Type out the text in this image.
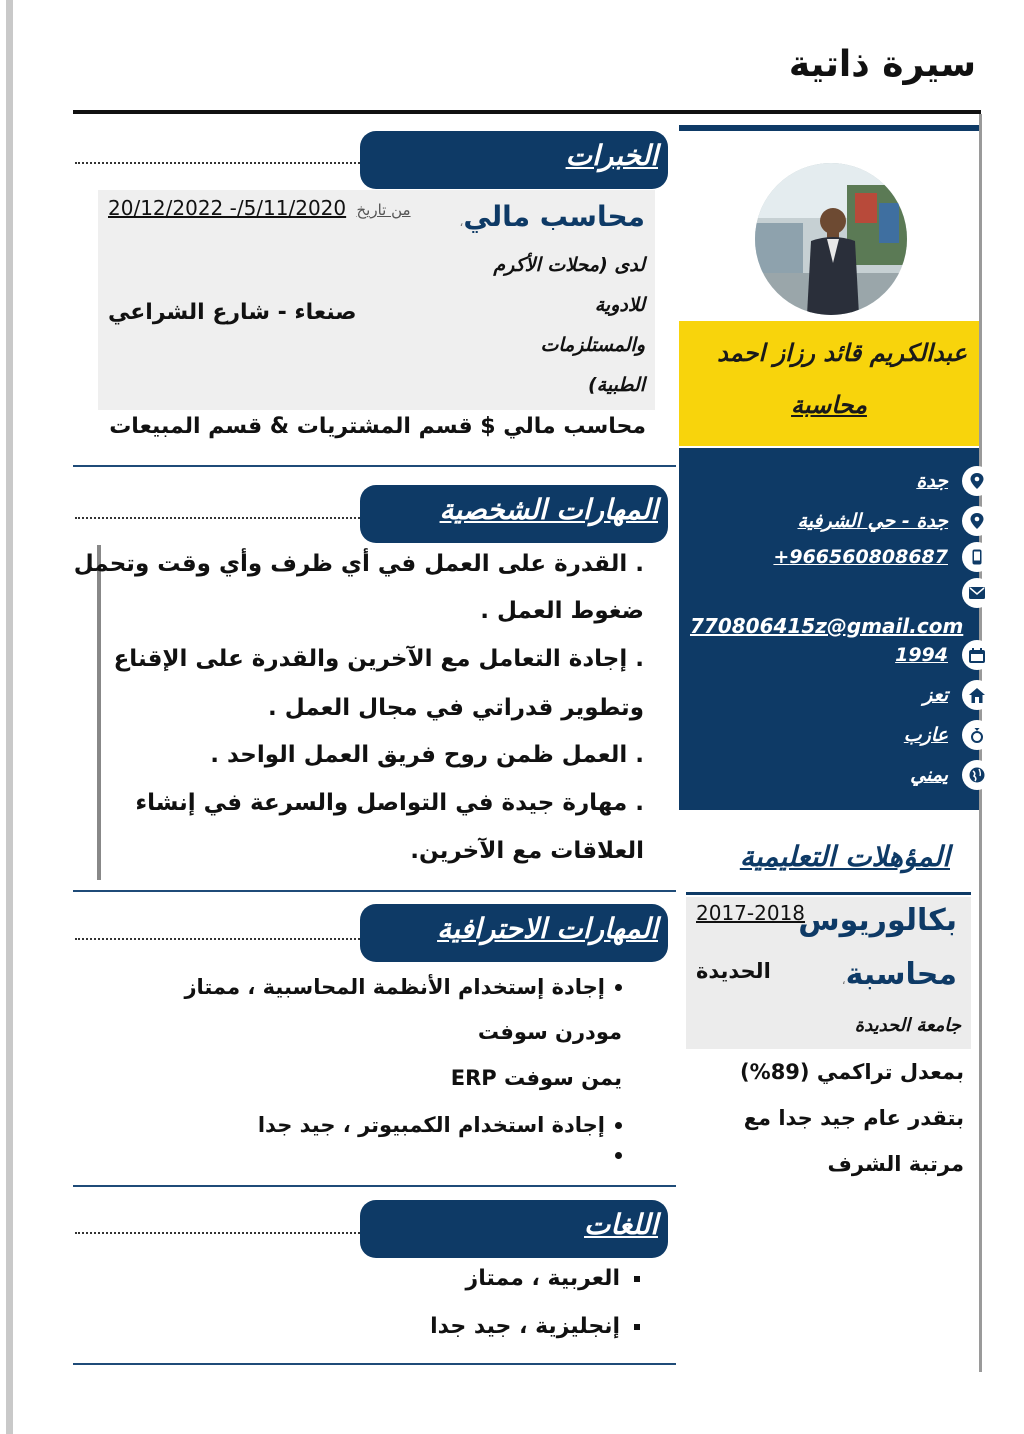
سيرة ذاتية
عبدالكريم قائد رزاز احمد
محاسبة
جدة
جدة - حي الشرفية
966560808687+
770806415z@gmail.com
1994
تعز
عازب
يمني
المؤهلات التعليمية
بكالوريوس
2017-2018
محاسبة،
الحديدة
جامعة الحديدة
بمعدل تراكمي (89%)
بتقدر عام جيد جدا مع
مرتبة الشرف
الخبرات
محاسب مالي،
20/12/2022 -/5/11/2020 من تاريخ
لدى (محلات الأكرم
للادوية
والمستلزمات
الطبية)
صنعاء - شارع الشراعي
محاسب مالي $ قسم المشتريات & قسم المبيعات
المهارات الشخصية
. القدرة على العمل في أي ظرف وأي وقت وتحمل
ضغوط العمل .
. إجادة التعامل مع الآخرين والقدرة على الإقناع
وتطوير قدراتي في مجال العمل .
. العمل ظمن روح فريق العمل الواحد .
. مهارة جيدة في التواصل والسرعة في إنشاء
العلاقات مع الآخرين.
المهارات الاحترافية
إجادة إستخدام الأنظمة المحاسبية ، ممتاز
مودرن سوفت
يمن سوفت ERP
إجادة استخدام الكمبيوتر ، جيد جدا
اللغات
العربية ، ممتاز
إنجليزية ، جيد جدا
